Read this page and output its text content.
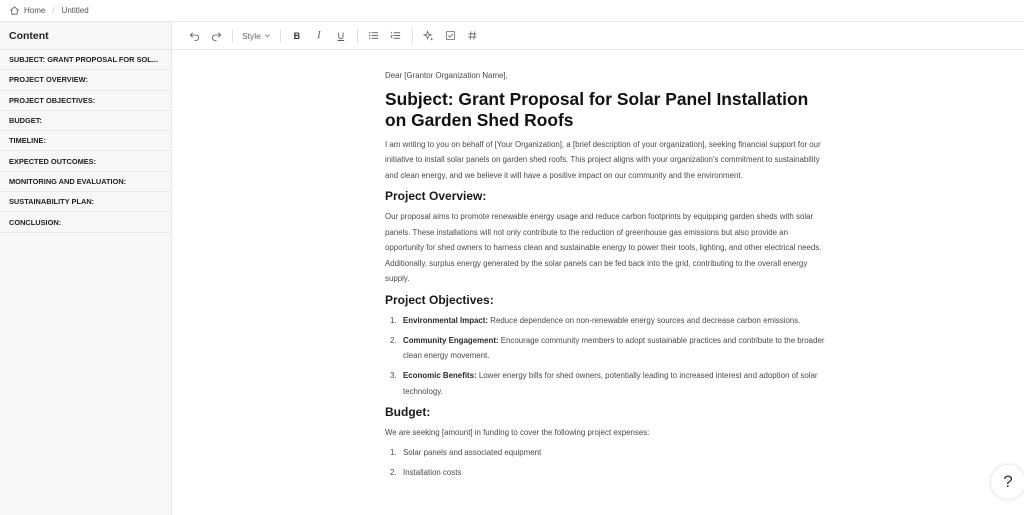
Home / Untitled
Content
SUBJECT: GRANT PROPOSAL FOR SOL...
PROJECT OVERVIEW:
PROJECT OBJECTIVES:
BUDGET:
TIMELINE:
EXPECTED OUTCOMES:
MONITORING AND EVALUATION:
SUSTAINABILITY PLAN:
CONCLUSION:
Style	B	I	U

Dear [Grantor Organization Name],

Subject: Grant Proposal for Solar Panel Installation on Garden Shed Roofs

I am writing to you on behalf of [Your Organization], a [brief description of your organization], seeking financial support for our initiative to install solar panels on garden shed roofs. This project aligns with your organization's commitment to sustainability and clean energy, and we believe it will have a positive impact on our community and the environment.

Project Overview:

Our proposal aims to promote renewable energy usage and reduce carbon footprints by equipping garden sheds with solar panels. These installations will not only contribute to the reduction of greenhouse gas emissions but also provide an opportunity for shed owners to harness clean and sustainable energy to power their tools, lighting, and other electrical needs. Additionally, surplus energy generated by the solar panels can be fed back into the grid, contributing to the overall energy supply.

Project Objectives:
1. Environmental Impact: Reduce dependence on non-renewable energy sources and decrease carbon emissions.
2. Community Engagement: Encourage community members to adopt sustainable practices and contribute to the broader clean energy movement.
3. Economic Benefits: Lower energy bills for shed owners, potentially leading to increased interest and adoption of solar technology.
Budget:

We are seeking [amount] in funding to cover the following project expenses:

1. Solar panels and associated equipment
2. Installation costs	?
